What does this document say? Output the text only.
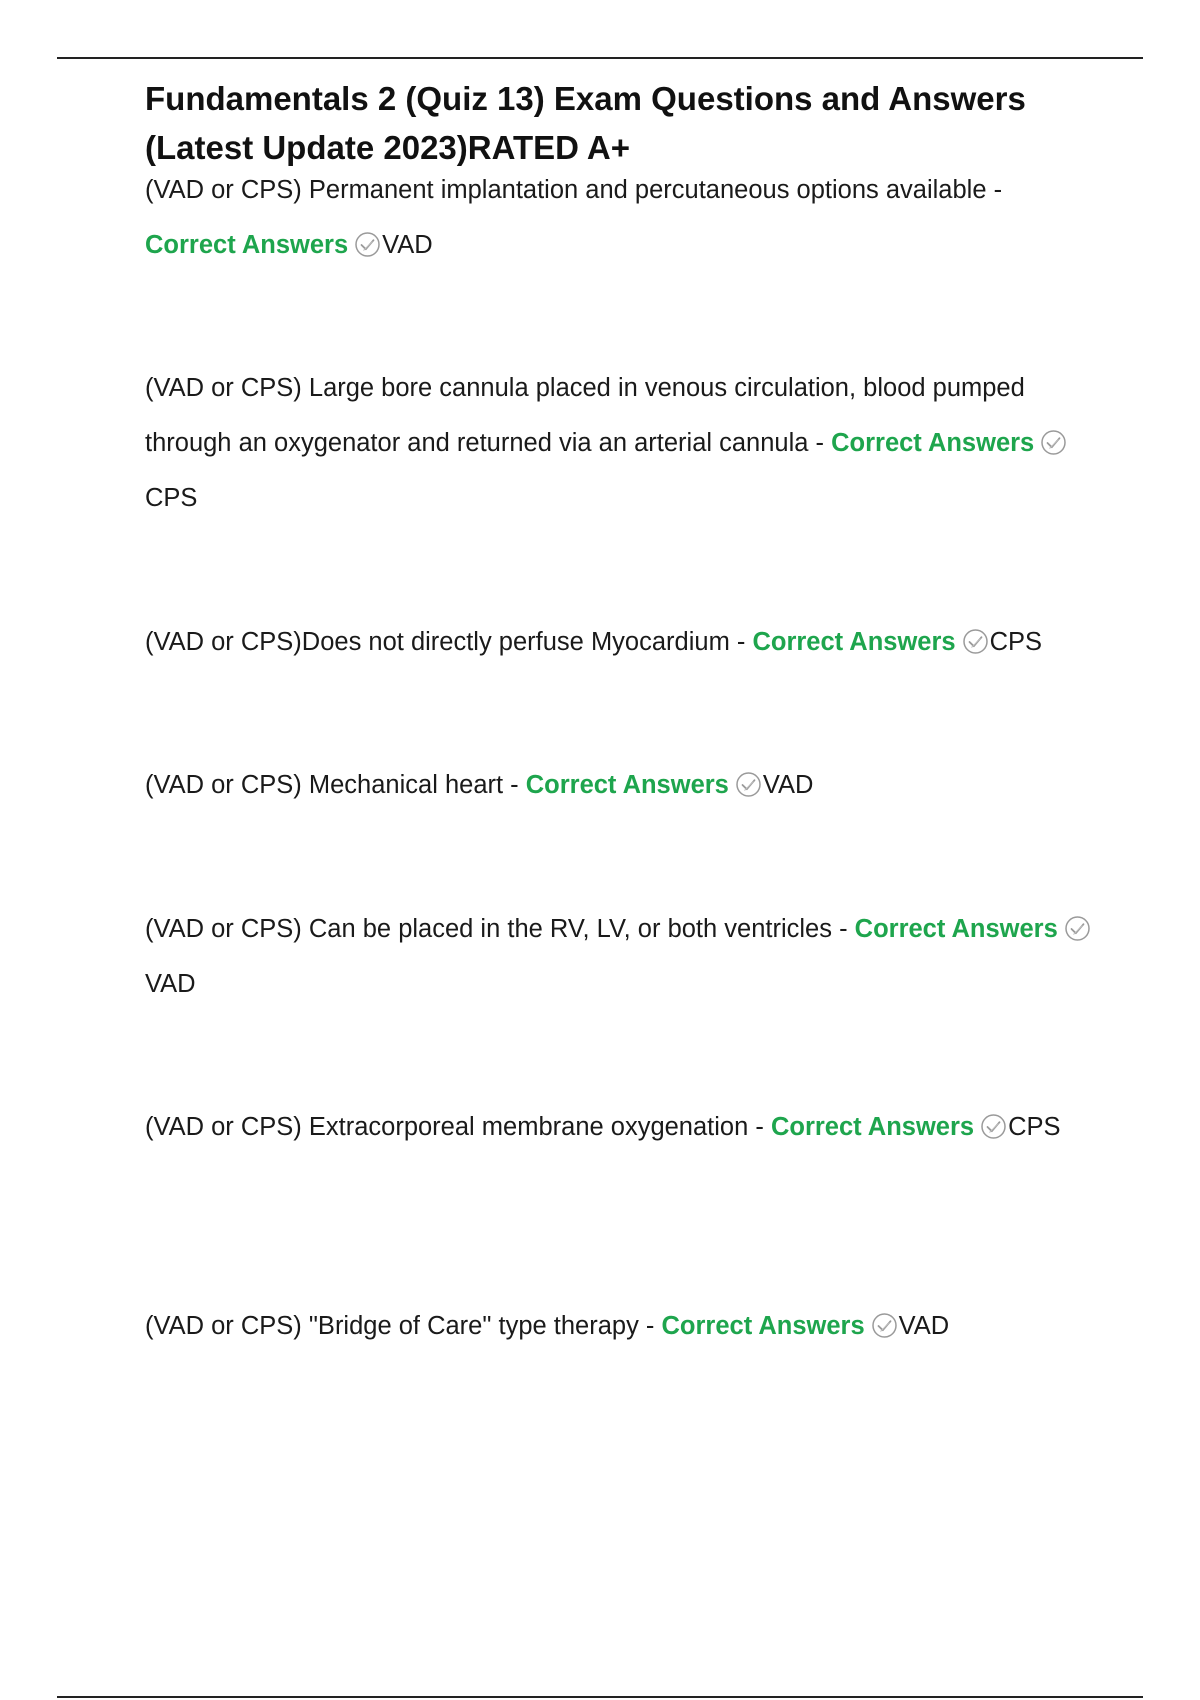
Fundamentals 2 (Quiz 13) Exam Questions and Answers (Latest Update 2023)RATED A+

(VAD or CPS) Permanent implantation and percutaneous options available - Correct Answers VAD

(VAD or CPS) Large bore cannula placed in venous circulation, blood pumped through an oxygenator and returned via an arterial cannula - Correct Answers
CPS

(VAD or CPS)Does not directly perfuse Myocardium - Correct Answers CPS

(VAD or CPS) Mechanical heart - Correct Answers VAD

(VAD or CPS) Can be placed in the RV, LV, or both ventricles - Correct Answers
VAD

(VAD or CPS) Extracorporeal membrane oxygenation - Correct Answers CPS

(VAD or CPS) "Bridge of Care" type therapy - Correct Answers VAD
